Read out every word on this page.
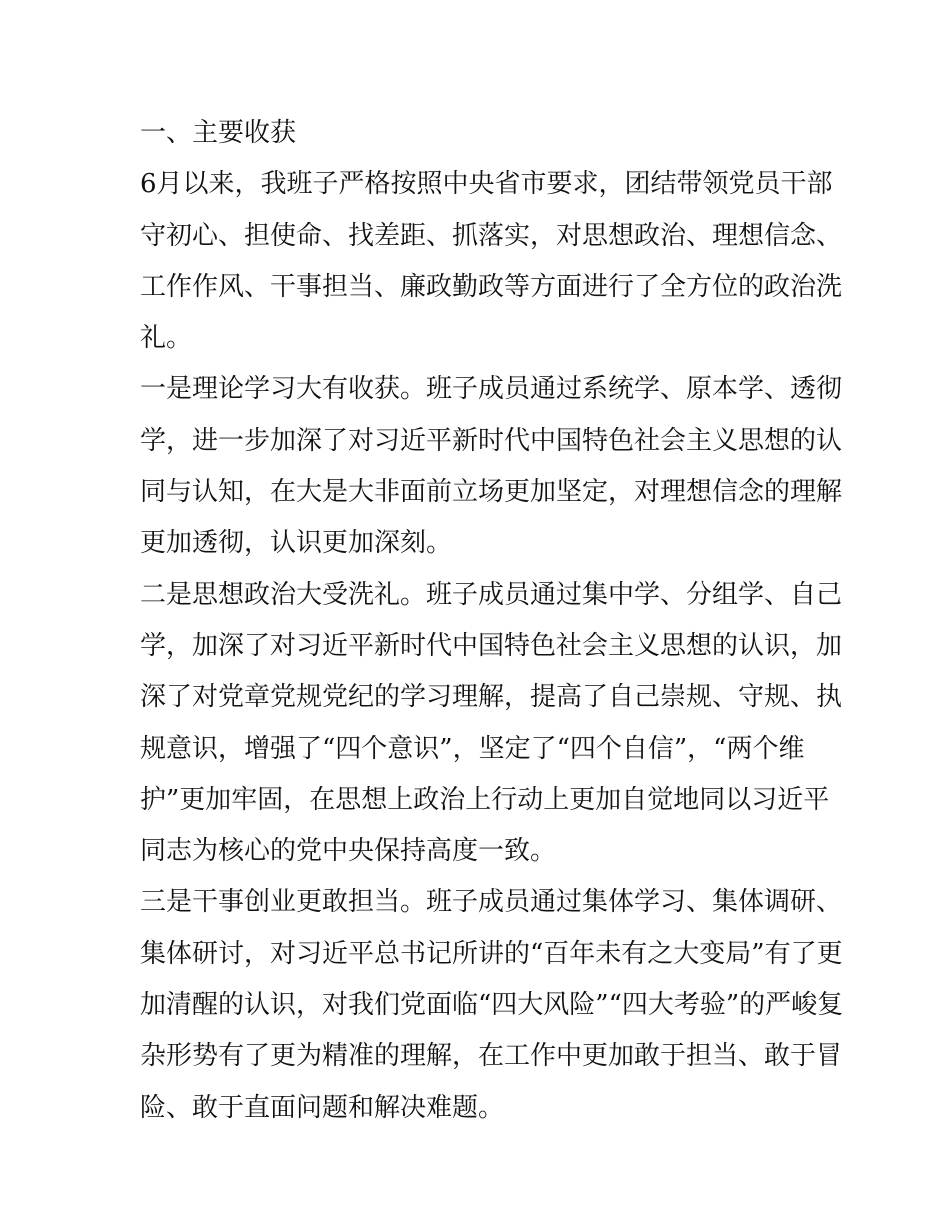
一、主要收获
6月以来，我班子严格按照中央省市要求，团结带领党员干部
守初心、担使命、找差距、抓落实，对思想政治、理想信念、
工作作风、干事担当、廉政勤政等方面进行了全方位的政治洗
礼。
一是理论学习大有收获。班子成员通过系统学、原本学、透彻
学，进一步加深了对习近平新时代中国特色社会主义思想的认
同与认知，在大是大非面前立场更加坚定，对理想信念的理解
更加透彻，认识更加深刻。
二是思想政治大受洗礼。班子成员通过集中学、分组学、自己
学，加深了对习近平新时代中国特色社会主义思想的认识，加
深了对党章党规党纪的学习理解，提高了自己崇规、守规、执
规意识，增强了“四个意识”，坚定了“四个自信”，“两个维
护”更加牢固，在思想上政治上行动上更加自觉地同以习近平
同志为核心的党中央保持高度一致。
三是干事创业更敢担当。班子成员通过集体学习、集体调研、
集体研讨，对习近平总书记所讲的“百年未有之大变局”有了更
加清醒的认识，对我们党面临“四大风险”“四大考验”的严峻复
杂形势有了更为精准的理解，在工作中更加敢于担当、敢于冒
险、敢于直面问题和解决难题。
